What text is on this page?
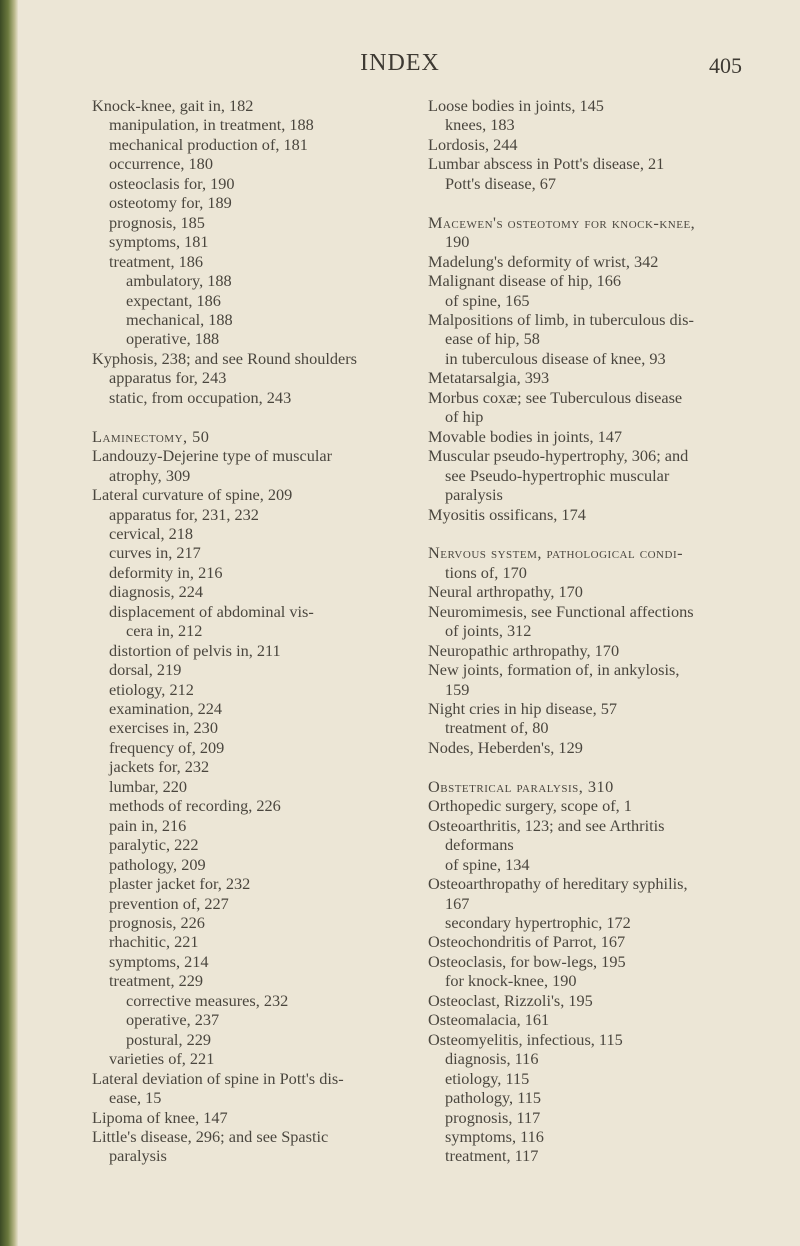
INDEX	405
Knock-knee, gait in, 182
manipulation, in treatment, 188
mechanical production of, 181
occurrence, 180
osteoclasis for, 190
osteotomy for, 189
prognosis, 185
symptoms, 181
treatment, 186
ambulatory, 188
expectant, 186
mechanical, 188
operative, 188
Kyphosis, 238; and see Round shoulders
apparatus for, 243
static, from occupation, 243
Laminectomy, 50
Landouzy-Dejerine type of muscular
atrophy, 309
Lateral curvature of spine, 209
apparatus for, 231, 232
cervical, 218
curves in, 217
deformity in, 216
diagnosis, 224
displacement of abdominal vis-
cera in, 212
distortion of pelvis in, 211
dorsal, 219
etiology, 212
examination, 224
exercises in, 230
frequency of, 209
jackets for, 232
lumbar, 220
methods of recording, 226
pain in, 216
paralytic, 222
pathology, 209
plaster jacket for, 232
prevention of, 227
prognosis, 226
rhachitic, 221
symptoms, 214
treatment, 229
corrective measures, 232
operative, 237
postural, 229
varieties of, 221
Lateral deviation of spine in Pott's dis-
ease, 15
Lipoma of knee, 147
Little's disease, 296; and see Spastic
paralysis
Loose bodies in joints, 145
knees, 183
Lordosis, 244
Lumbar abscess in Pott's disease, 21
Pott's disease, 67
Macewen's osteotomy for knock-knee,
190
Madelung's deformity of wrist, 342
Malignant disease of hip, 166
of spine, 165
Malpositions of limb, in tuberculous dis-
ease of hip, 58
in tuberculous disease of knee, 93
Metatarsalgia, 393
Morbus coxæ; see Tuberculous disease
of hip
Movable bodies in joints, 147
Muscular pseudo-hypertrophy, 306; and
see Pseudo-hypertrophic muscular
paralysis
Myositis ossificans, 174
Nervous system, pathological condi-
tions of, 170
Neural arthropathy, 170
Neuromimesis, see Functional affections
of joints, 312
Neuropathic arthropathy, 170
New joints, formation of, in ankylosis,
159
Night cries in hip disease, 57
treatment of, 80
Nodes, Heberden's, 129
Obstetrical paralysis, 310
Orthopedic surgery, scope of, 1
Osteoarthritis, 123; and see Arthritis
deformans
of spine, 134
Osteoarthropathy of hereditary syphilis,
167
secondary hypertrophic, 172
Osteochondritis of Parrot, 167
Osteoclasis, for bow-legs, 195
for knock-knee, 190
Osteoclast, Rizzoli's, 195
Osteomalacia, 161
Osteomyelitis, infectious, 115
diagnosis, 116
etiology, 115
pathology, 115
prognosis, 117
symptoms, 116
treatment, 117
